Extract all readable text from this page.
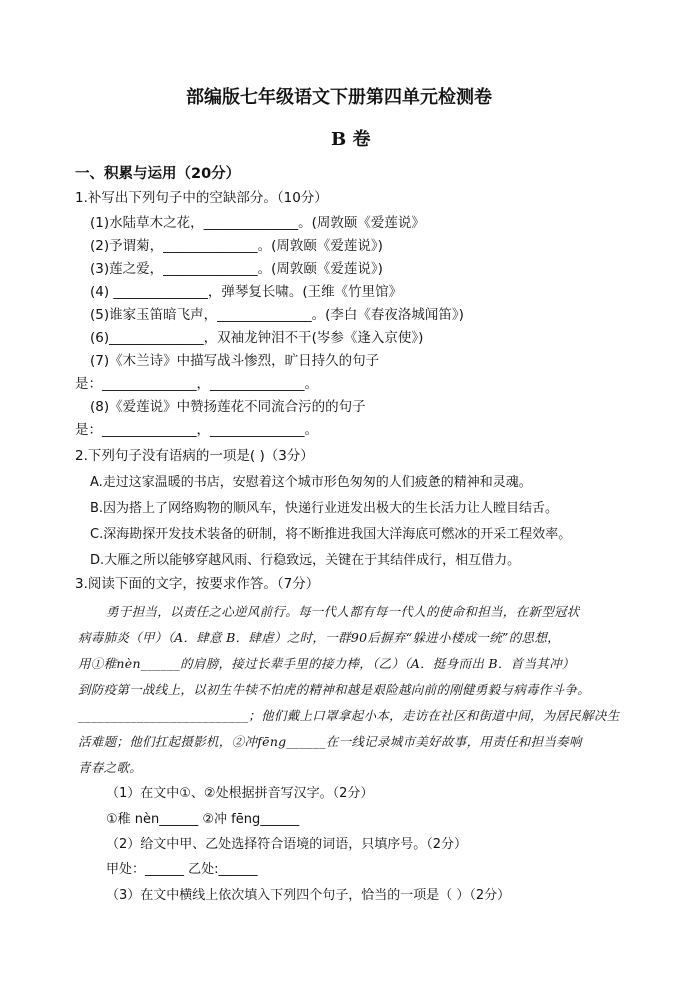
部编版七年级语文下册第四单元检测卷
B 卷
一、积累与运用（20分）
1.补写出下列句子中的空缺部分。（10分）
(1)水陆草木之花，______________。(周敦颐《爱莲说》
(2)予谓菊，______________。(周敦颐《爱莲说》)
(3)莲之爱，______________。(周敦颐《爱莲说》)
(4) ______________，弹琴复长啸。(王维《竹里馆》
(5)谁家玉笛暗飞声，______________。(李白《春夜洛城闻笛》)
(6)______________，双袖龙钟泪不干(岑参《逢入京使》)
(7)《木兰诗》中描写战斗惨烈，旷日持久的句子
是：______________，______________。
(8)《爱莲说》中赞扬莲花不同流合污的的句子
是：______________，______________。
2.下列句子没有语病的一项是( )（3分）
A.走过这家温暖的书店，安慰着这个城市形色匆匆的人们疲惫的精神和灵魂。
B.因为搭上了网络购物的顺风车，快递行业迸发出极大的生长活力让人瞠目结舌。
C.深海勘探开发技术装备的研制，将不断推进我国大洋海底可燃冰的开采工程效率。
D.大雁之所以能够穿越风雨、行稳致远，关键在于其结伴成行，相互借力。
3.阅读下面的文字，按要求作答。（7分）
勇于担当，以责任之心逆风前行。每一代人都有每一代人的使命和担当，在新型冠状
病毒肺炎（甲）（A．肆意 B．肆虐）之时，一群90后摒弃“躲进小楼成一统”的思想，
用①稚nèn______的肩膀，接过长辈手里的接力棒，（乙）（A．挺身而出 B．首当其冲）
到防疫第一战线上，以初生牛犊不怕虎的精神和越是艰险越向前的刚健勇毅与病毒作斗争。
__________________________；他们戴上口罩拿起小本，走访在社区和街道中间，为居民解决生
活难题；他们扛起摄影机，②冲fēng______在一线记录城市美好故事，用责任和担当奏响
青春之歌。
（1）在文中①、②处根据拼音写汉字。（2分）
①稚 nèn______ ②冲 fēng______
（2）给文中甲、乙处选择符合语境的词语，只填序号。（2分）
甲处：______ 乙处:______
（3）在文中横线上依次填入下列四个句子，恰当的一项是（ ）（2分）
